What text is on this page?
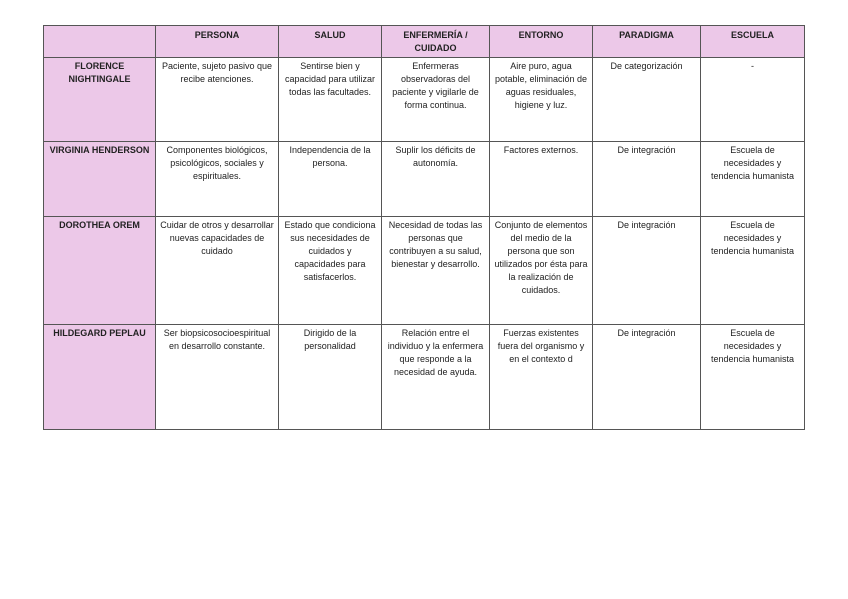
	PERSONA	SALUD	ENFERMERÍA / CUIDADO	ENTORNO	PARADIGMA	ESCUELA
FLORENCE NIGHTINGALE	Paciente, sujeto pasivo que recibe atenciones.	Sentirse bien y capacidad para utilizar todas las facultades.	Enfermeras observadoras del paciente y vigilarle de forma continua.	Aire puro, agua potable, eliminación de aguas residuales, higiene y luz.	De categorización	-
VIRGINIA HENDERSON	Componentes biológicos, psicológicos, sociales y espirituales.	Independencia de la persona.	Suplir los déficits de autonomía.	Factores externos.	De integración	Escuela de necesidades y tendencia humanista
DOROTHEA OREM	Cuidar de otros y desarrollar nuevas capacidades de cuidado	Estado que condiciona sus necesidades de cuidados y capacidades para satisfacerlos.	Necesidad de todas las personas que contribuyen a su salud, bienestar y desarrollo.	Conjunto de elementos del medio de la persona que son utilizados por ésta para la realización de cuidados.	De integración	Escuela de necesidades y tendencia humanista
HILDEGARD PEPLAU	Ser biopsicosocioespiritual en desarrollo constante.	Dirigido de la personalidad	Relación entre el individuo y la enfermera que responde a la necesidad de ayuda.	Fuerzas existentes fuera del organismo y en el contexto d	De integración	Escuela de necesidades y tendencia humanista
